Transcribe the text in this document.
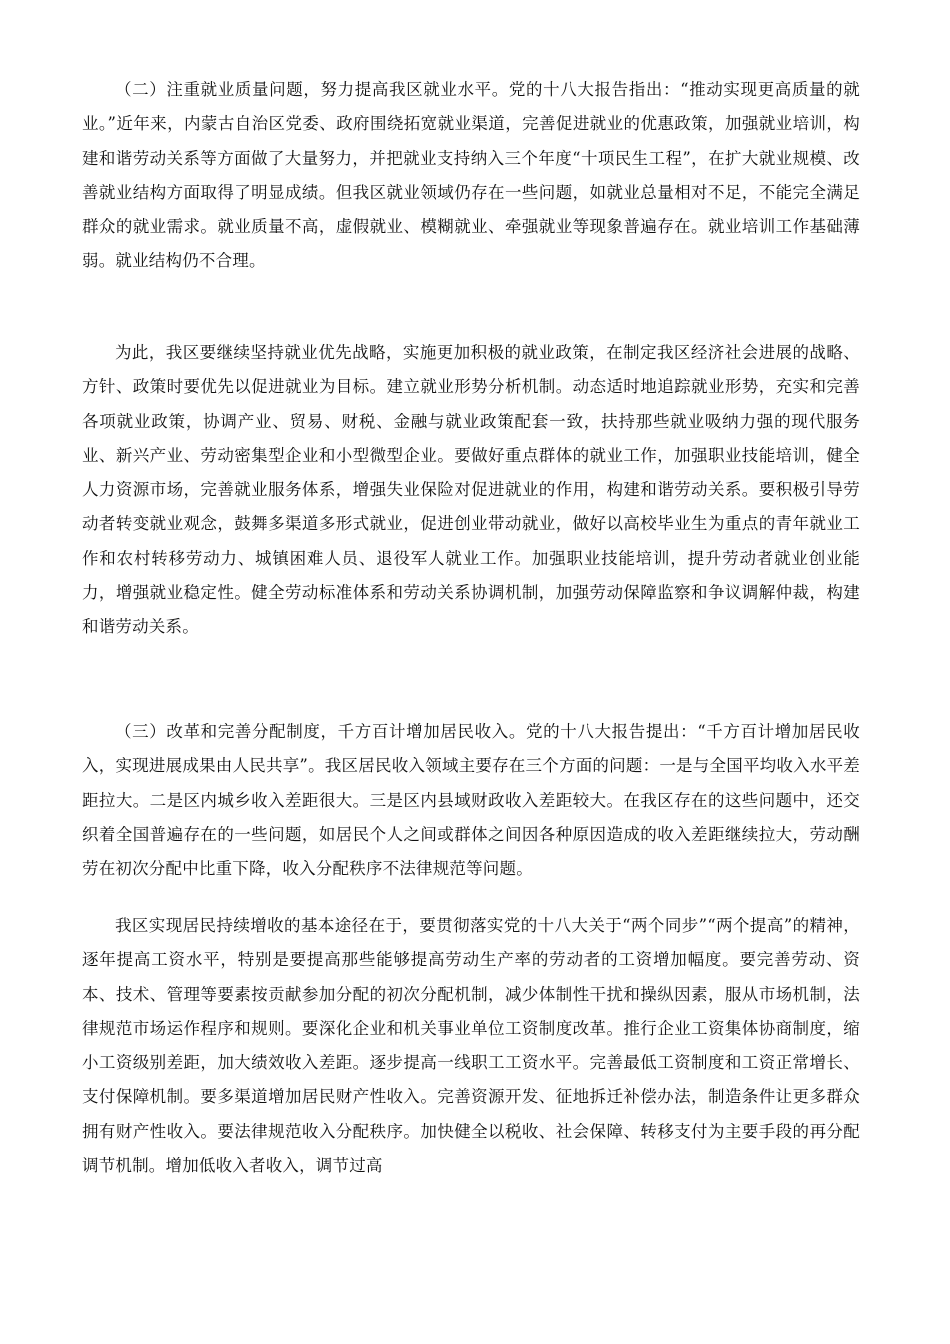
（二）注重就业质量问题，努力提高我区就业水平。党的十八大报告指出：“推动实现更高质量的就业。”近年来，内蒙古自治区党委、政府围绕拓宽就业渠道，完善促进就业的优惠政策，加强就业培训，构建和谐劳动关系等方面做了大量努力，并把就业支持纳入三个年度“十项民生工程”，在扩大就业规模、改善就业结构方面取得了明显成绩。但我区就业领域仍存在一些问题，如就业总量相对不足，不能完全满足群众的就业需求。就业质量不高，虚假就业、模糊就业、牵强就业等现象普遍存在。就业培训工作基础薄弱。就业结构仍不合理。

为此，我区要继续坚持就业优先战略，实施更加积极的就业政策，在制定我区经济社会进展的战略、方针、政策时要优先以促进就业为目标。建立就业形势分析机制。动态适时地追踪就业形势，充实和完善各项就业政策，协调产业、贸易、财税、金融与就业政策配套一致，扶持那些就业吸纳力强的现代服务业、新兴产业、劳动密集型企业和小型微型企业。要做好重点群体的就业工作，加强职业技能培训，健全人力资源市场，完善就业服务体系，增强失业保险对促进就业的作用，构建和谐劳动关系。要积极引导劳动者转变就业观念，鼓舞多渠道多形式就业，促进创业带动就业，做好以高校毕业生为重点的青年就业工作和农村转移劳动力、城镇困难人员、退役军人就业工作。加强职业技能培训，提升劳动者就业创业能力，增强就业稳定性。健全劳动标准体系和劳动关系协调机制，加强劳动保障监察和争议调解仲裁，构建和谐劳动关系。

（三）改革和完善分配制度，千方百计增加居民收入。党的十八大报告提出：“千方百计增加居民收入，实现进展成果由人民共享”。我区居民收入领域主要存在三个方面的问题：一是与全国平均收入水平差距拉大。二是区内城乡收入差距很大。三是区内县域财政收入差距较大。在我区存在的这些问题中，还交织着全国普遍存在的一些问题，如居民个人之间或群体之间因各种原因造成的收入差距继续拉大，劳动酬劳在初次分配中比重下降，收入分配秩序不法律规范等问题。

我区实现居民持续增收的基本途径在于，要贯彻落实党的十八大关于“两个同步”“两个提高”的精神，逐年提高工资水平，特别是要提高那些能够提高劳动生产率的劳动者的工资增加幅度。要完善劳动、资本、技术、管理等要素按贡献参加分配的初次分配机制，减少体制性干扰和操纵因素，服从市场机制，法律规范市场运作程序和规则。要深化企业和机关事业单位工资制度改革。推行企业工资集体协商制度，缩小工资级别差距，加大绩效收入差距。逐步提高一线职工工资水平。完善最低工资制度和工资正常增长、支付保障机制。要多渠道增加居民财产性收入。完善资源开发、征地拆迁补偿办法，制造条件让更多群众拥有财产性收入。要法律规范收入分配秩序。加快健全以税收、社会保障、转移支付为主要手段的再分配调节机制。增加低收入者收入，调节过高
